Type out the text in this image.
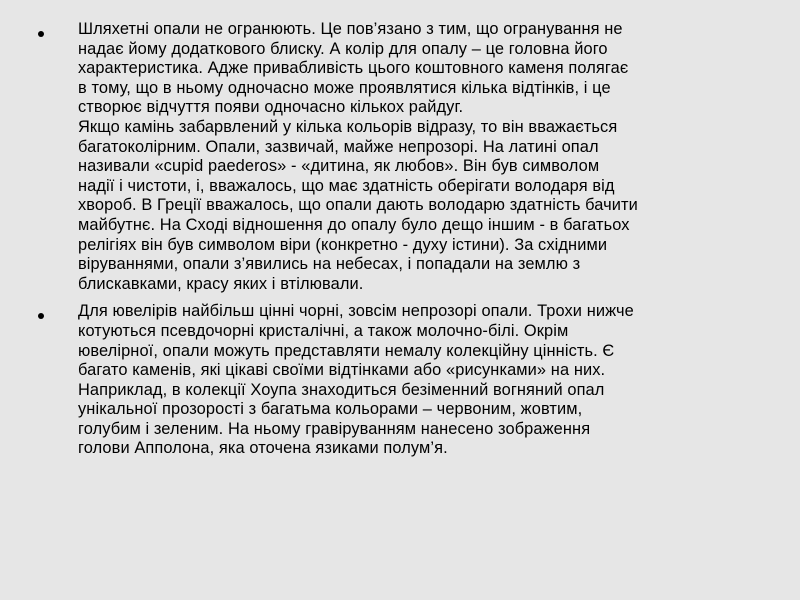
Шляхетні опали не огранюють. Це пов’язано з тим, що огранування не
надає йому додаткового блиску. А колір для опалу – це головна його
характеристика. Адже привабливість цього коштовного каменя полягає
в тому, що в ньому одночасно може проявлятися кілька відтінків, і це
створює відчуття появи одночасно кількох райдуг.
Якщо камінь забарвлений у кілька кольорів відразу, то він вважається
багатоколірним. Опали, зазвичай, майже непрозорі. На латині опал
називали «cupid paederos» - «дитина, як любов». Він був символом
надії і чистоти, і, вважалось, що має здатність оберігати володаря від
хвороб. В Греції вважалось, що опали дають володарю здатність бачити
майбутнє. На Сході відношення до опалу було дещо іншим - в багатьох
релігіях він був символом віри (конкретно - духу істини). За східними
віруваннями, опали з’явились на небесах, і попадали на землю з
блискавками, красу яких і втілювали.
Для ювелірів найбільш цінні чорні, зовсім непрозорі опали. Трохи нижче
котуються псевдочорні кристалічні, а також молочно-білі. Окрім
ювелірної, опали можуть представляти немалу колекційну цінність. Є
багато каменів, які цікаві своїми відтінками або «рисунками» на них.
Наприклад, в колекції Хоупа знаходиться безіменний вогняний опал
унікальної прозорості з багатьма кольорами – червоним, жовтим,
голубим і зеленим. На ньому гравіруванням нанесено зображення
голови Апполона, яка оточена язиками полум’я.
